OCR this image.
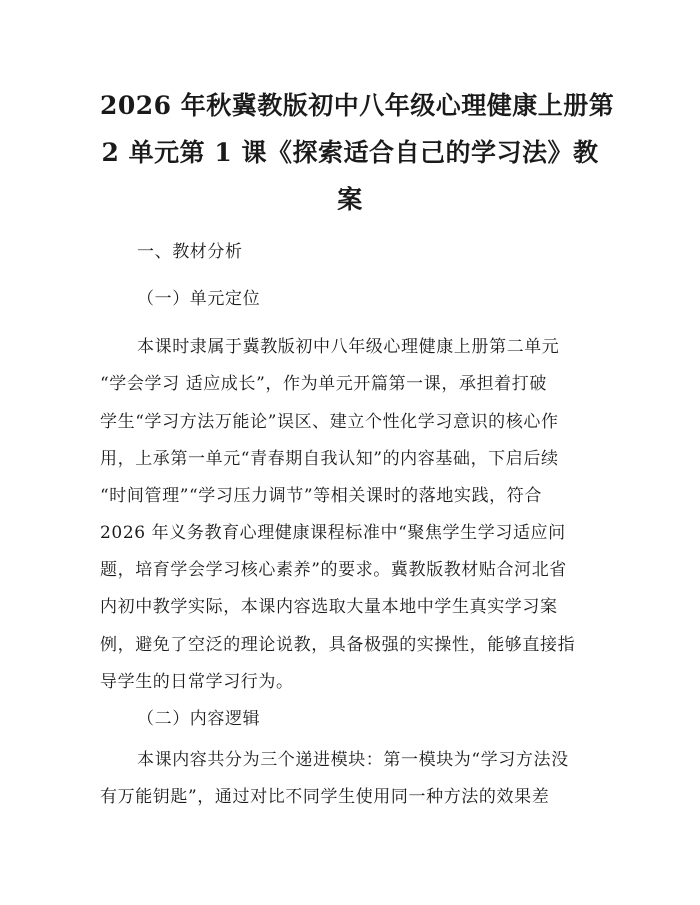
2026 年秋冀教版初中八年级心理健康上册第
2 单元第 1 课《探索适合自己的学习法》教
案
一、教材分析
（一）单元定位
本课时隶属于冀教版初中八年级心理健康上册第二单元
“学会学习 适应成长”，作为单元开篇第一课，承担着打破
学生“学习方法万能论”误区、建立个性化学习意识的核心作
用，上承第一单元“青春期自我认知”的内容基础，下启后续
“时间管理”“学习压力调节”等相关课时的落地实践，符合
2026 年义务教育心理健康课程标准中“聚焦学生学习适应问
题，培育学会学习核心素养”的要求。冀教版教材贴合河北省
内初中教学实际，本课内容选取大量本地中学生真实学习案
例，避免了空泛的理论说教，具备极强的实操性，能够直接指
导学生的日常学习行为。
（二）内容逻辑
本课内容共分为三个递进模块：第一模块为“学习方法没
有万能钥匙”，通过对比不同学生使用同一种方法的效果差
